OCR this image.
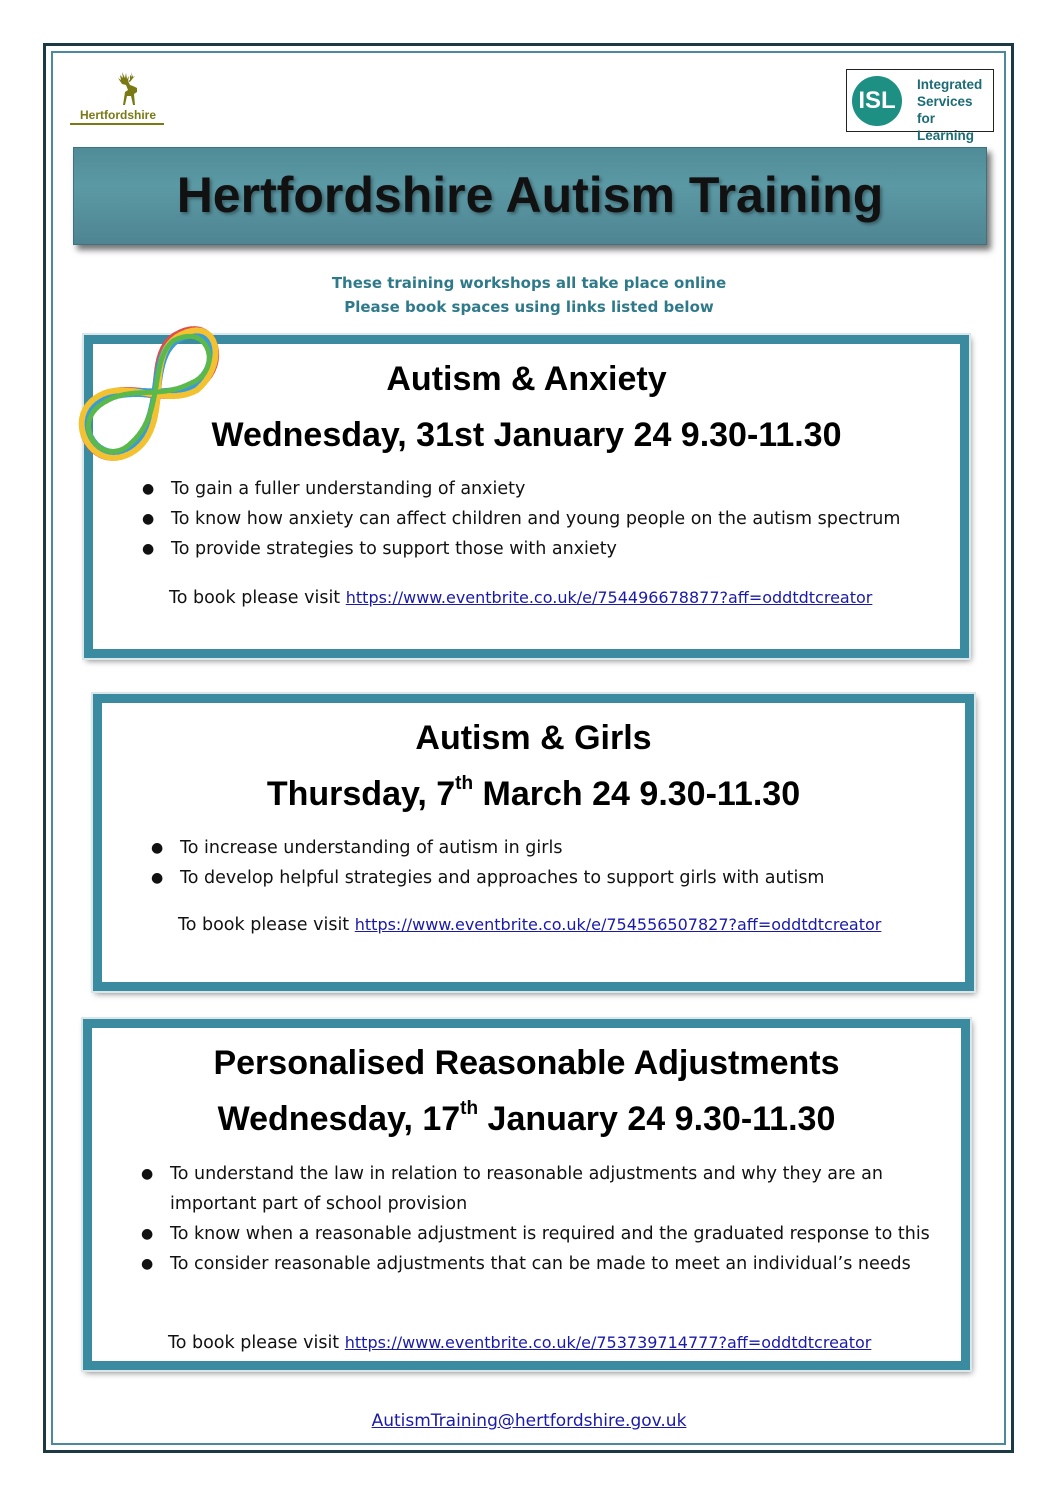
Hertfordshire
ISL
Integrated
Services for
Learning
Hertfordshire Autism Training
These training workshops all take place online
Please book spaces using links listed below
Autism & Anxiety
Wednesday, 31st January 24 9.30-11.30
● To gain a fuller understanding of anxiety
● To know how anxiety can affect children and young people on the autism spectrum
● To provide strategies to support those with anxiety
To book please visit https://www.eventbrite.co.uk/e/754496678877?aff=oddtdtcreator
Autism & Girls
Thursday, 7th March 24 9.30-11.30
● To increase understanding of autism in girls
● To develop helpful strategies and approaches to support girls with autism
To book please visit https://www.eventbrite.co.uk/e/754556507827?aff=oddtdtcreator
Personalised Reasonable Adjustments
Wednesday, 17th January 24 9.30-11.30
● To understand the law in relation to reasonable adjustments and why they are an important part of school provision
● To know when a reasonable adjustment is required and the graduated response to this
● To consider reasonable adjustments that can be made to meet an individual’s needs
To book please visit https://www.eventbrite.co.uk/e/753739714777?aff=oddtdtcreator
AutismTraining@hertfordshire.gov.uk
